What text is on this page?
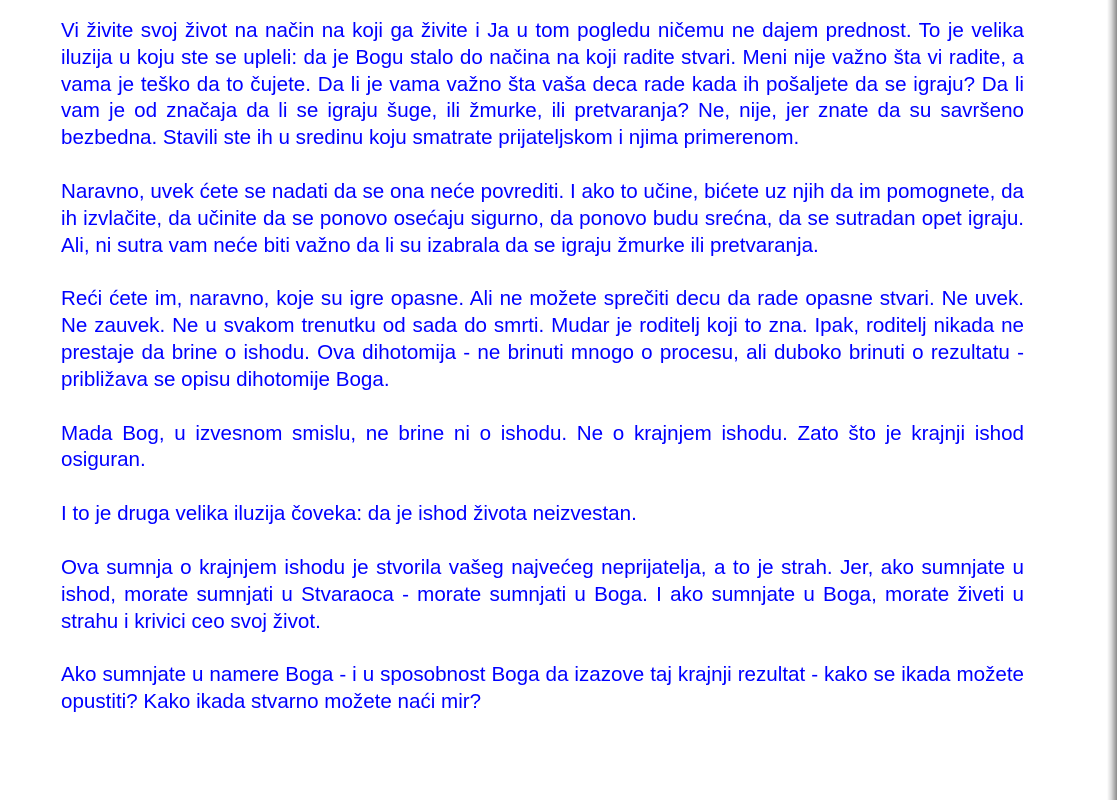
Vi živite svoj život na način na koji ga živite i Ja u tom pogledu ničemu ne dajem prednost. To je velika iluzija u koju ste se upleli: da je Bogu stalo do načina na koji radite stvari. Meni nije važno šta vi radite, a vama je teško da to čujete. Da li je vama važno šta vaša deca rade kada ih pošaljete da se igraju? Da li vam je od značaja da li se igraju šuge, ili žmurke, ili pretvaranja? Ne, nije, jer znate da su savršeno bezbedna. Stavili ste ih u sredinu koju smatrate prijateljskom i njima primerenom.

Naravno, uvek ćete se nadati da se ona neće povrediti. I ako to učine, bićete uz njih da im pomognete, da ih izvlačite, da učinite da se ponovo osećaju sigurno, da ponovo budu srećna, da se sutradan opet igraju. Ali, ni sutra vam neće biti važno da li su izabrala da se igraju žmurke ili pretvaranja.

Reći ćete im, naravno, koje su igre opasne. Ali ne možete sprečiti decu da rade opasne stvari. Ne uvek. Ne zauvek. Ne u svakom trenutku od sada do smrti. Mudar je roditelj koji to zna. Ipak, roditelj nikada ne prestaje da brine o ishodu. Ova dihotomija - ne brinuti mnogo o procesu, ali duboko brinuti o rezultatu - približava se opisu dihotomije Boga.

Mada Bog, u izvesnom smislu, ne brine ni o ishodu. Ne o krajnjem ishodu. Zato što je krajnji ishod osiguran.

I to je druga velika iluzija čoveka: da je ishod života neizvestan.

Ova sumnja o krajnjem ishodu je stvorila vašeg najvećeg neprijatelja, a to je strah. Jer, ako sumnjate u ishod, morate sumnjati u Stvaraoca - morate sumnjati u Boga. I ako sumnjate u Boga, morate živeti u strahu i krivici ceo svoj život.

Ako sumnjate u namere Boga - i u sposobnost Boga da izazove taj krajnji rezultat - kako se ikada možete opustiti? Kako ikada stvarno možete naći mir?
